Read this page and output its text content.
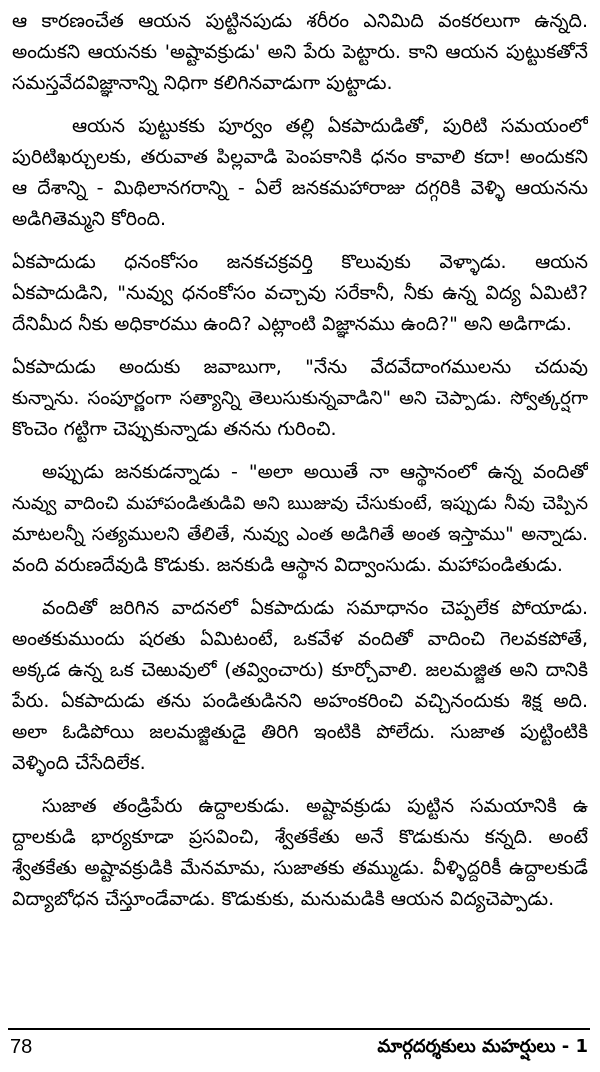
ఆ కారణంచేత ఆయన పుట్టినపుడు శరీరం ఎనిమిది వంకరలుగా ఉన్నది.
అందుకని ఆయనకు 'అష్టావక్రుడు' అని పేరు పెట్టారు. కాని ఆయన పుట్టుకతోనే
సమస్తవేదవిజ్ఞానాన్ని నిధిగా కలిగినవాడుగా పుట్టాడు.
ఆయన పుట్టుకకు పూర్వం తల్లి ఏకపాదుడితో, పురిటి సమయంలో
పురిటిఖర్చులకు, తరువాత పిల్లవాడి పెంపకానికి ధనం కావాలి కదా! అందుకని
ఆ దేశాన్ని - మిథిలానగరాన్ని - ఏలే జనకమహారాజు దగ్గరికి వెళ్ళి ఆయనను
అడిగితెమ్మని కోరింది.
ఏకపాదుడు ధనంకోసం జనకచక్రవర్తి కొలువుకు వెళ్ళాడు. ఆయన
ఏకపాదుడిని, "నువ్వు ధనంకోసం వచ్చావు సరేకానీ, నీకు ఉన్న విద్య ఏమిటి?
దేనిమీద నీకు అధికారము ఉంది? ఎట్లాంటి విజ్ఞానము ఉంది?" అని అడిగాడు.
ఏకపాదుడు అందుకు జవాబుగా, "నేను వేదవేదాంగములను చదువు
కున్నాను. సంపూర్ణంగా సత్యాన్ని తెలుసుకున్నవాడిని" అని చెప్పాడు. స్వోత్కర్షగా
కొంచెం గట్టిగా చెప్పుకున్నాడు తనను గురించి.
అప్పుడు జనకుడన్నాడు - "అలా అయితే నా ఆస్థానంలో ఉన్న వందితో
నువ్వు వాదించి మహాపండితుడివి అని ఋజువు చేసుకుంటే, ఇప్పుడు నీవు చెప్పిన
మాటలన్నీ సత్యములని తేలితే, నువ్వు ఎంత అడిగితే అంత ఇస్తాము" అన్నాడు.
వంది వరుణదేవుడి కొడుకు. జనకుడి ఆస్థాన విద్వాంసుడు. మహాపండితుడు.
వందితో జరిగిన వాదనలో ఏకపాదుడు సమాధానం చెప్పలేక పోయాడు.
అంతకుముందు షరతు ఏమిటంటే, ఒకవేళ వందితో వాదించి గెలవకపోతే,
అక్కడ ఉన్న ఒక చెఱువులో (తవ్వించారు) కూర్చోవాలి. జలమజ్జిత అని దానికి
పేరు. ఏకపాదుడు తను పండితుడినని అహంకరించి వచ్చినందుకు శిక్ష అది.
అలా ఓడిపోయి జలమజ్జితుడై తిరిగి ఇంటికి పోలేదు. సుజాత పుట్టింటికి
వెళ్ళింది చేసేదిలేక.
సుజాత తండ్రిపేరు ఉద్దాలకుడు. అష్టావక్రుడు పుట్టిన సమయానికి ఉ
ద్దాలకుడి భార్యకూడా ప్రసవించి, శ్వేతకేతు అనే కొడుకును కన్నది. అంటే
శ్వేతకేతు అష్టావక్రుడికి మేనమామ, సుజాతకు తమ్ముడు. వీళ్ళిద్దరికీ ఉద్దాలకుడే
విద్యాబోధన చేస్తూండేవాడు. కొడుకుకు, మనుమడికి ఆయన విద్యచెప్పాడు.
78	మార్గదర్శకులు మహర్షులు - 1
